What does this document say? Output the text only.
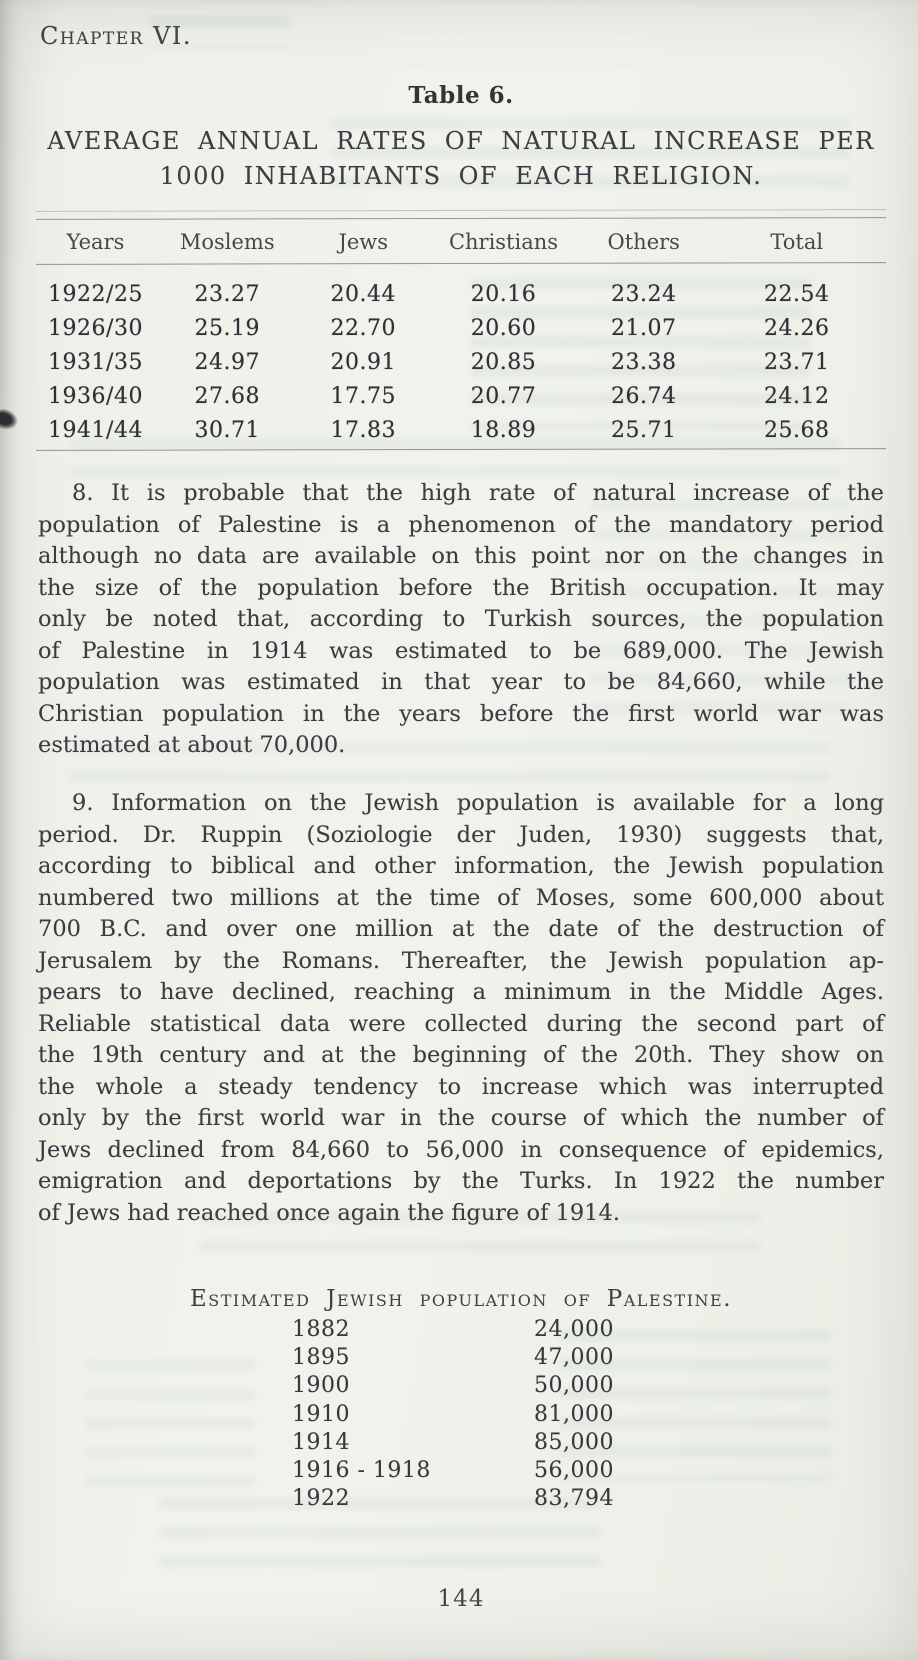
Chapter VI.
Table 6.
AVERAGE ANNUAL RATES OF NATURAL INCREASE PER
1000 INHABITANTS OF EACH RELIGION.
Years	Moslems	Jews	Christians	Others	Total
1922/25	23.27	20.44	20.16	23.24	22.54
1926/30	25.19	22.70	20.60	21.07	24.26
1931/35	24.97	20.91	20.85	23.38	23.71
1936/40	27.68	17.75	20.77	26.74	24.12
1941/44	30.71	17.83	18.89	25.71	25.68
8. It is probable that the high rate of natural increase of the
population of Palestine is a phenomenon of the mandatory period
although no data are available on this point nor on the changes in
the size of the population before the British occupation. It may
only be noted that, according to Turkish sources, the population
of Palestine in 1914 was estimated to be 689,000. The Jewish
population was estimated in that year to be 84,660, while the
Christian population in the years before the first world war was
estimated at about 70,000.
9. Information on the Jewish population is available for a long
period. Dr. Ruppin (Soziologie der Juden, 1930) suggests that,
according to biblical and other information, the Jewish population
numbered two millions at the time of Moses, some 600,000 about
700 B.C. and over one million at the date of the destruction of
Jerusalem by the Romans. Thereafter, the Jewish population ap-
pears to have declined, reaching a minimum in the Middle Ages.
Reliable statistical data were collected during the second part of
the 19th century and at the beginning of the 20th. They show on
the whole a steady tendency to increase which was interrupted
only by the first world war in the course of which the number of
Jews declined from 84,660 to 56,000 in consequence of epidemics,
emigration and deportations by the Turks. In 1922 the number
of Jews had reached once again the figure of 1914.
Estimated Jewish population of Palestine.
1882	24,000
1895	47,000
1900	50,000
1910	81,000
1914	85,000
1916 - 1918	56,000
1922	83,794
144
